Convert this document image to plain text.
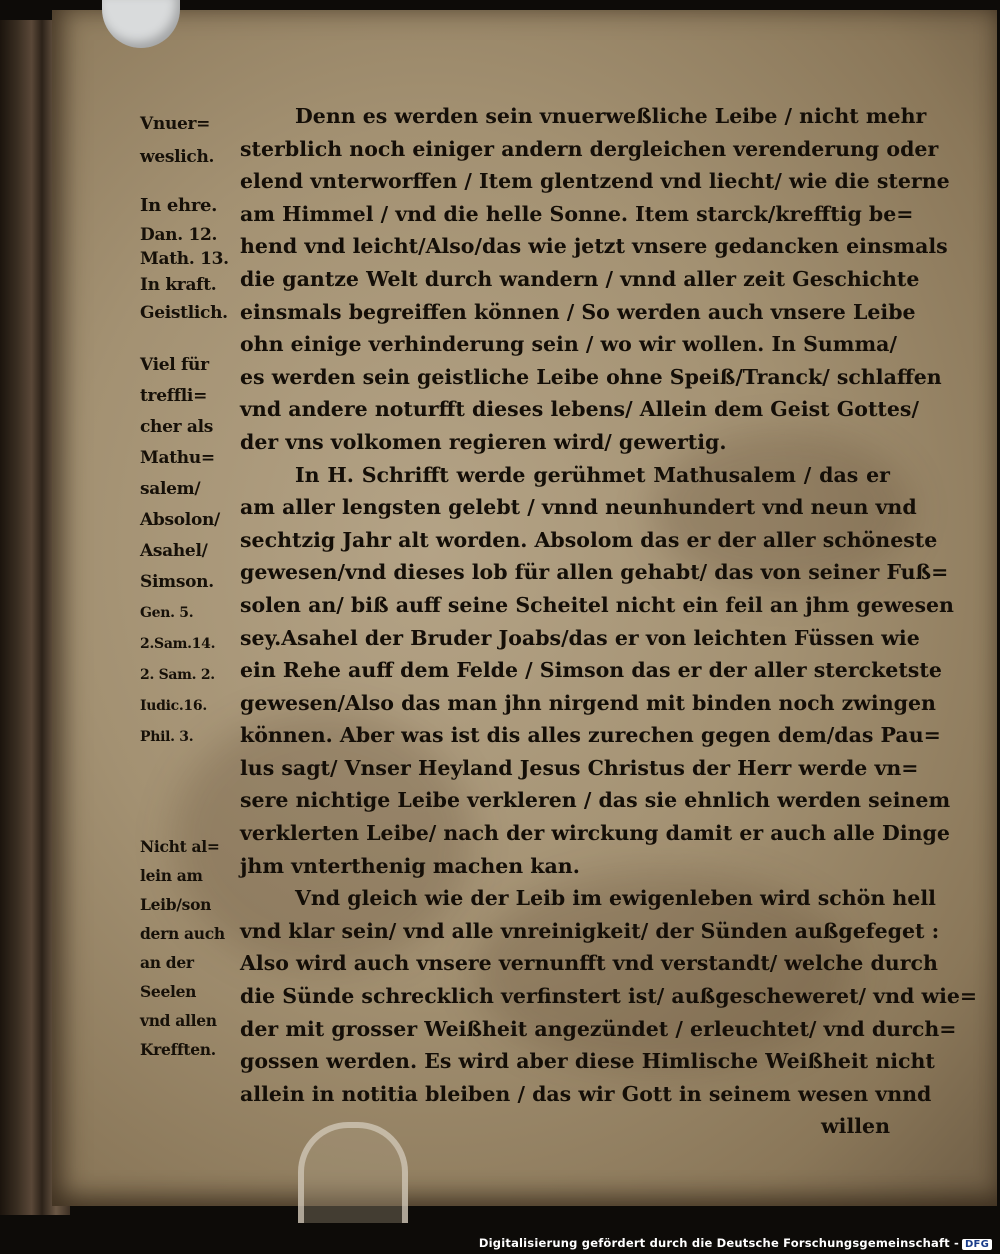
Vnuer=
weslich.
In ehre.
Dan. 12.
Math. 13.
In kraft.
Geistlich.
Viel für
treffli=
cher als
Mathu=
salem/
Absolon/
Asahel/
Simson.
Gen. 5.
2.Sam.14.
2. Sam. 2.
Iudic.16.
Phil. 3.
Nicht al=
lein am
Leib/son
dern auch
an der
Seelen
vnd allen
Krefften.
Denn es werden sein vnuerweßliche Leibe / nicht mehr
sterblich noch einiger andern dergleichen verenderung oder
elend vnterworffen / Item glentzend vnd liecht/ wie die sterne
am Himmel / vnd die helle Sonne. Item starck/krefftig be=
hend vnd leicht/Also/das wie jetzt vnsere gedancken einsmals
die gantze Welt durch wandern / vnnd aller zeit Geschichte
einsmals begreiffen können / So werden auch vnsere Leibe
ohn einige verhinderung sein / wo wir wollen. In Summa/
es werden sein geistliche Leibe ohne Speiß/Tranck/ schlaffen
vnd andere noturfft dieses lebens/ Allein dem Geist Gottes/
der vns volkomen regieren wird/ gewertig.
In H. Schrifft werde gerühmet Mathusalem / das er
am aller lengsten gelebt / vnnd neunhundert vnd neun vnd
sechtzig Jahr alt worden. Absolom das er der aller schöneste
gewesen/vnd dieses lob für allen gehabt/ das von seiner Fuß=
solen an/ biß auff seine Scheitel nicht ein feil an jhm gewesen
sey.Asahel der Bruder Joabs/das er von leichten Füssen wie
ein Rehe auff dem Felde / Simson das er der aller stercketste
gewesen/Also das man jhn nirgend mit binden noch zwingen
können. Aber was ist dis alles zurechen gegen dem/das Pau=
lus sagt/ Vnser Heyland Jesus Christus der Herr werde vn=
sere nichtige Leibe verkleren / das sie ehnlich werden seinem
verklerten Leibe/ nach der wirckung damit er auch alle Dinge
jhm vnterthenig machen kan.
Vnd gleich wie der Leib im ewigenleben wird schön hell
vnd klar sein/ vnd alle vnreinigkeit/ der Sünden außgefeget :
Also wird auch vnsere vernunfft vnd verstandt/ welche durch
die Sünde schrecklich verfinstert ist/ außgescheweret/ vnd wie=
der mit grosser Weißheit angezündet / erleuchtet/ vnd durch=
gossen werden. Es wird aber diese Himlische Weißheit nicht
allein in notitia bleiben / das wir Gott in seinem wesen vnnd
willen
Digitalisierung gefördert durch die Deutsche Forschungsgemeinschaft - DFG
